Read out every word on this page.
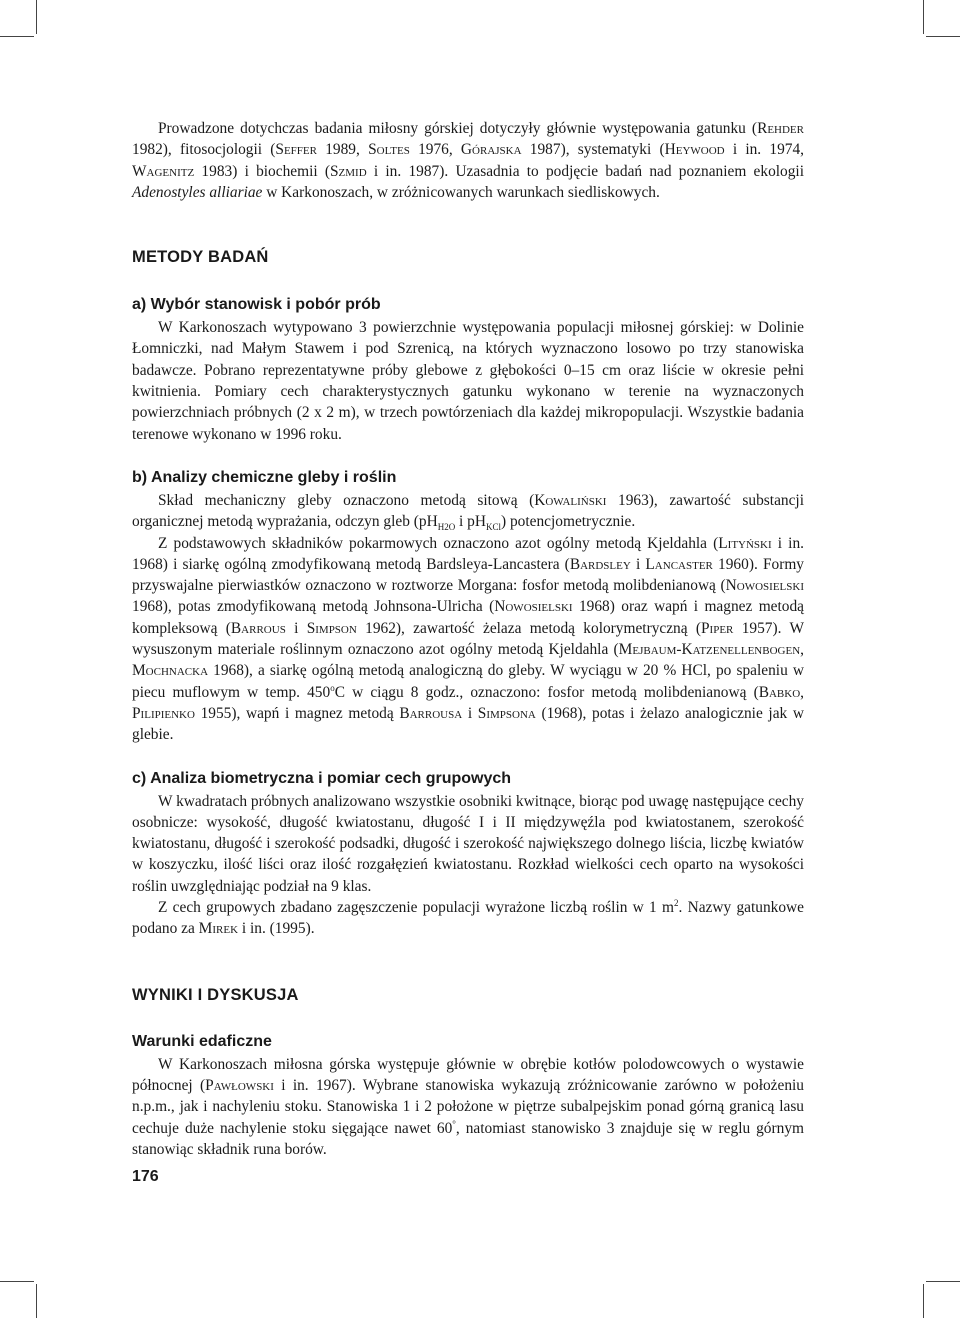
Prowadzone dotychczas badania miłosny górskiej dotyczyły głównie występowania gatunku (Rehder 1982), fitosocjologii (Seffer 1989, Soltes 1976, Górajska 1987), systematyki (Heywood i in. 1974, Wagenitz 1983) i biochemii (Szmid i in. 1987). Uzasadnia to podjęcie badań nad poznaniem ekologii Adenostyles alliariae w Karkonoszach, w zróżnicowanych warunkach siedliskowych.

METODY BADAŃ
a) Wybór stanowisk i pobór prób

W Karkonoszach wytypowano 3 powierzchnie występowania populacji miłosnej górskiej: w Dolinie Łomniczki, nad Małym Stawem i pod Szrenicą, na których wyznaczono losowo po trzy stanowiska badawcze. Pobrano reprezentatywne próby glebowe z głębokości 0–15 cm oraz liście w okresie pełni kwitnienia. Pomiary cech charakterystycznych gatunku wykonano w terenie na wyznaczonych powierzchniach próbnych (2 x 2 m), w trzech powtórzeniach dla każdej mikropopulacji. Wszystkie badania terenowe wykonano w 1996 roku.

b) Analizy chemiczne gleby i roślin

Skład mechaniczny gleby oznaczono metodą sitową (Kowaliński 1963), zawartość substancji organicznej metodą wyprażania, odczyn gleb ($pH_{H2O}$ i $pH_{KCl}$) potencjometrycznie.

Z podstawowych składników pokarmowych oznaczono azot ogólny metodą Kjeldahla (Lityński i in. 1968) i siarkę ogólną zmodyfikowaną metodą Bardsleya-Lancastera (Bardsley i Lancaster 1960). Formy przyswajalne pierwiastków oznaczono w roztworze Morgana: fosfor metodą molibdenianową (Nowosielski 1968), potas zmodyfikowaną metodą Johnsona-Ulricha (Nowosielski 1968) oraz wapń i magnez metodą kompleksową (Barrous i Simpson 1962), zawartość żelaza metodą kolorymetryczną (Piper 1957). W wysuszonym materiale roślinnym oznaczono azot ogólny metodą Kjeldahla (Mejbaum-Katzenellenbogen, Mochnacka 1968), a siarkę ogólną metodą analogiczną do gleby. W wyciągu w 20 % HCl, po spaleniu w piecu muflowym w temp. 450$^o$C w ciągu 8 godz., oznaczono: fosfor metodą molibdenianową (Babko, Pilipienko 1955), wapń i magnez metodą Barrousa i Simpsona (1968), potas i żelazo analogicznie jak w glebie.

c) Analiza biometryczna i pomiar cech grupowych

W kwadratach próbnych analizowano wszystkie osobniki kwitnące, biorąc pod uwagę następujące cechy osobnicze: wysokość, długość kwiatostanu, długość I i II międzywęźla pod kwiatostanem, szerokość kwiatostanu, długość i szerokość podsadki, długość i szerokość największego dolnego liścia, liczbę kwiatów w koszyczku, ilość liści oraz ilość rozgałęzień kwiatostanu. Rozkład wielkości cech oparto na wysokości roślin uwzględniając podział na 9 klas.

Z cech grupowych zbadano zagęszczenie populacji wyrażone liczbą roślin w 1 $m^2$. Nazwy gatunkowe podano za Mirek i in. (1995).

WYNIKI I DYSKUSJA
Warunki edaficzne

W Karkonoszach miłosna górska występuje głównie w obrębie kotłów polodowcowych o wystawie północnej (Pawłowski i in. 1967). Wybrane stanowiska wykazują zróżnicowanie zarówno w położeniu n.p.m., jak i nachyleniu stoku. Stanowiska 1 i 2 położone w piętrze subalpejskim ponad górną granicą lasu cechuje duże nachylenie stoku sięgające nawet 60°, natomiast stanowisko 3 znajduje się w reglu górnym stanowiąc składnik runa borów.

176
